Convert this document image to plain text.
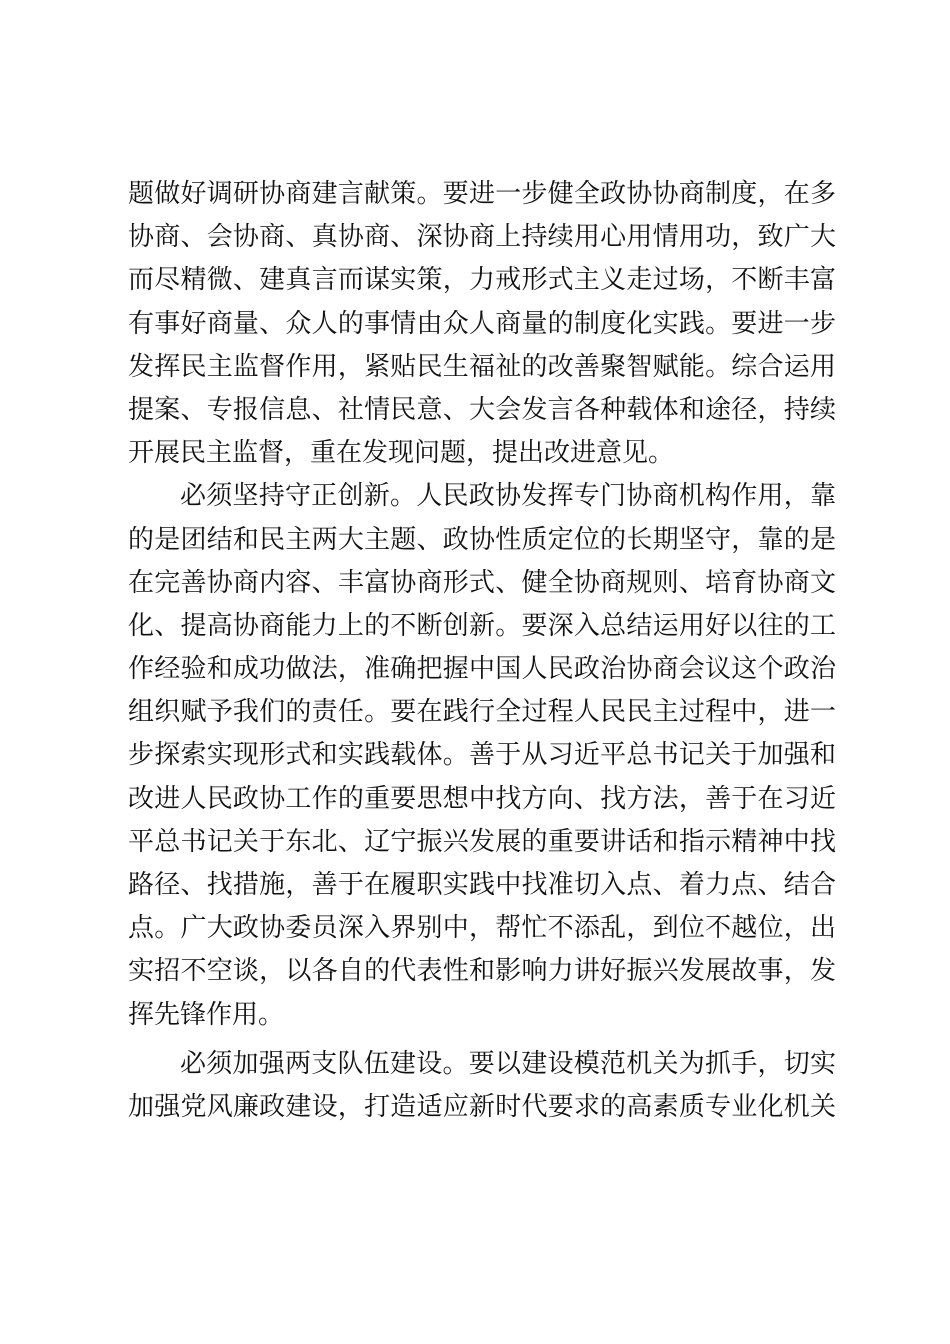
题做好调研协商建言献策。要进一步健全政协协商制度，在多
协商、会协商、真协商、深协商上持续用心用情用功，致广大
而尽精微、建真言而谋实策，力戒形式主义走过场，不断丰富
有事好商量、众人的事情由众人商量的制度化实践。要进一步
发挥民主监督作用，紧贴民生福祉的改善聚智赋能。综合运用
提案、专报信息、社情民意、大会发言各种载体和途径，持续
开展民主监督，重在发现问题，提出改进意见。
必须坚持守正创新。人民政协发挥专门协商机构作用，靠
的是团结和民主两大主题、政协性质定位的长期坚守，靠的是
在完善协商内容、丰富协商形式、健全协商规则、培育协商文
化、提高协商能力上的不断创新。要深入总结运用好以往的工
作经验和成功做法，准确把握中国人民政治协商会议这个政治
组织赋予我们的责任。要在践行全过程人民民主过程中，进一
步探索实现形式和实践载体。善于从习近平总书记关于加强和
改进人民政协工作的重要思想中找方向、找方法，善于在习近
平总书记关于东北、辽宁振兴发展的重要讲话和指示精神中找
路径、找措施，善于在履职实践中找准切入点、着力点、结合
点。广大政协委员深入界别中，帮忙不添乱，到位不越位，出
实招不空谈，以各自的代表性和影响力讲好振兴发展故事，发
挥先锋作用。
必须加强两支队伍建设。要以建设模范机关为抓手，切实
加强党风廉政建设，打造适应新时代要求的高素质专业化机关
